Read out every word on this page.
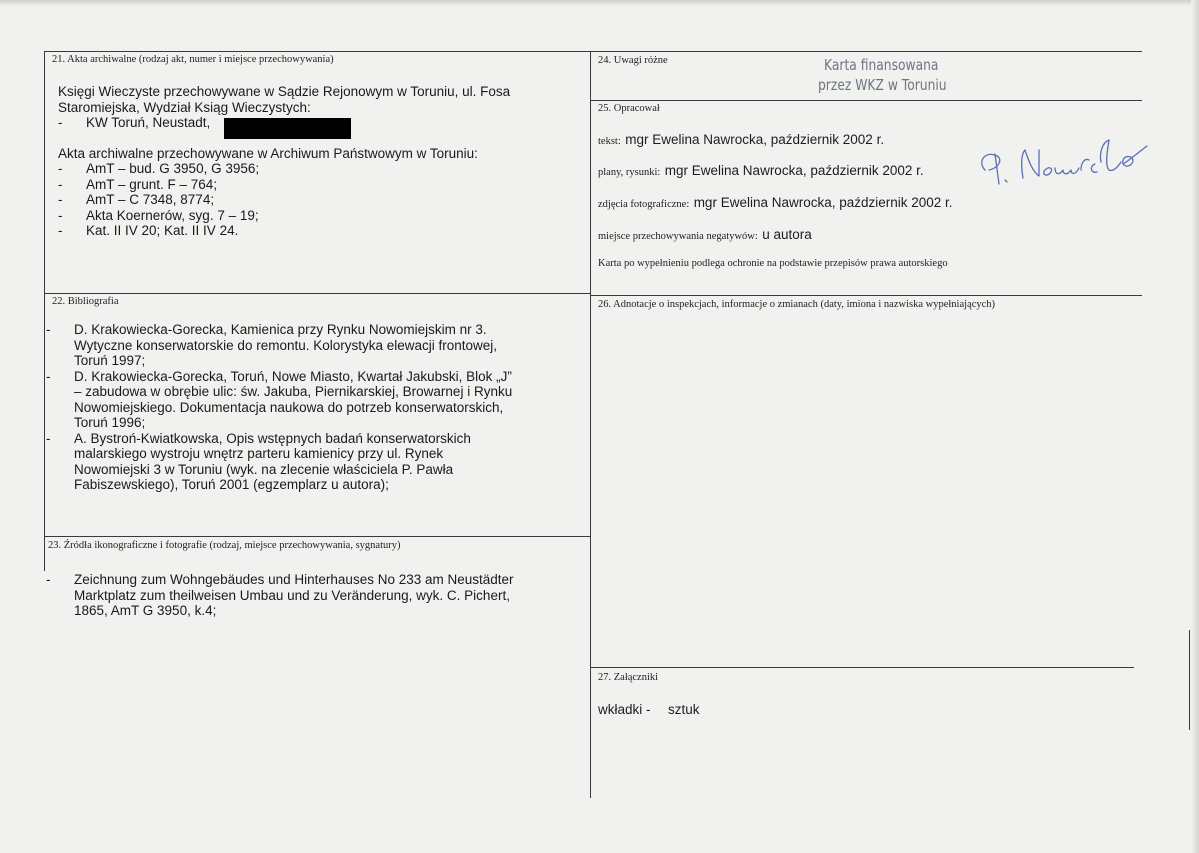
21. Akta archiwalne (rodzaj akt, numer i miejsce przechowywania)
Księgi Wieczyste przechowywane w Sądzie Rejonowym w Toruniu, ul. Fosa
Staromiejska, Wydział Ksiąg Wieczystych:
- KW Toruń, Neustadt,
Akta archiwalne przechowywane w Archiwum Państwowym w Toruniu:
- AmT – bud. G 3950, G 3956;
- AmT – grunt. F – 764;
- AmT – C 7348, 8774;
- Akta Koernerów, syg. 7 – 19;
- Kat. II IV 20; Kat. II IV 24.
22. Bibliografia
-	D. Krakowiecka-Gorecka, Kamienica przy Rynku Nowomiejskim nr 3.
Wytyczne konserwatorskie do remontu. Kolorystyka elewacji frontowej,
Toruń 1997;
-	D. Krakowiecka-Gorecka, Toruń, Nowe Miasto, Kwartał Jakubski, Blok „J”
– zabudowa w obrębie ulic: św. Jakuba, Piernikarskiej, Browarnej i Rynku
Nowomiejskiego. Dokumentacja naukowa do potrzeb konserwatorskich,
Toruń 1996;
-	A. Bystroń-Kwiatkowska, Opis wstępnych badań konserwatorskich
malarskiego wystroju wnętrz parteru kamienicy przy ul. Rynek
Nowomiejski 3 w Toruniu (wyk. na zlecenie właściciela P. Pawła
Fabiszewskiego), Toruń 2001 (egzemplarz u autora);
23. Źródła ikonograficzne i fotografie (rodzaj, miejsce przechowywania, sygnatury)
-	Zeichnung zum Wohngebäudes und Hinterhauses No 233 am Neustädter
Marktplatz zum theilweisen Umbau und zu Veränderung, wyk. C. Pichert,
1865, AmT G 3950, k.4;
24. Uwagi różne	Karta finansowana
przez WKZ w Toruniu
25. Opracował
tekst: mgr Ewelina Nawrocka, październik 2002 r.
plany, rysunki: mgr Ewelina Nawrocka, październik 2002 r.
zdjęcia fotograficzne: mgr Ewelina Nawrocka, październik 2002 r.
miejsce przechowywania negatywów: u autora
Karta po wypełnieniu podlega ochronie na podstawie przepisów prawa autorskiego
26. Adnotacje o inspekcjach, informacje o zmianach (daty, imiona i nazwiska wypełniających)
27. Załączniki
wkładki - sztuk
